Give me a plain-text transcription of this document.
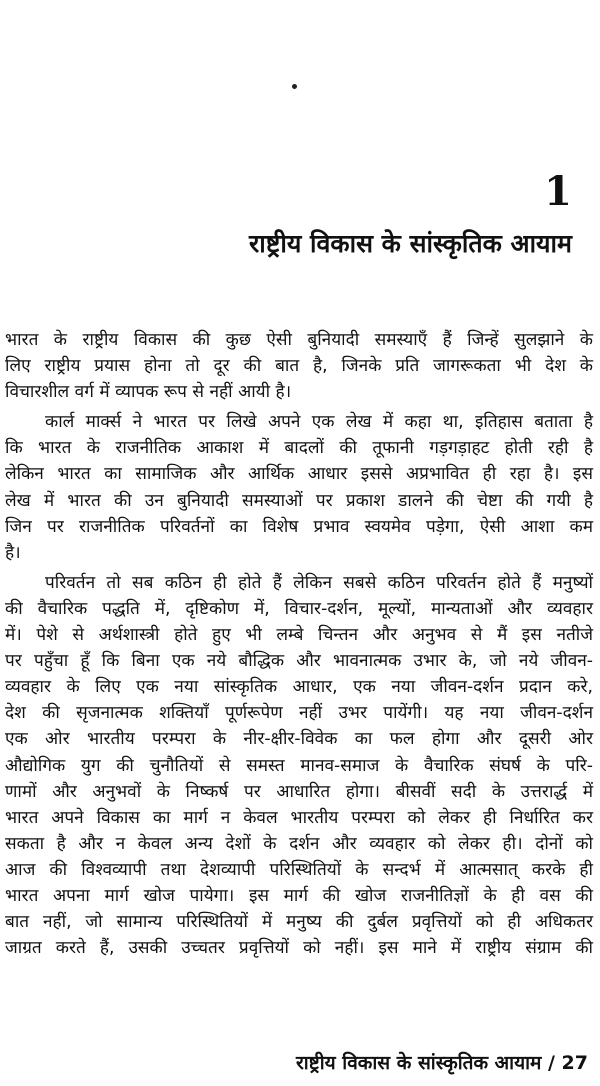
1
राष्ट्रीय विकास के सांस्कृतिक आयाम
भारत के राष्ट्रीय विकास की कुछ ऐसी बुनियादी समस्याएँ हैं जिन्हें सुलझाने के
लिए राष्ट्रीय प्रयास होना तो दूर की बात है, जिनके प्रति जागरूकता भी देश के
विचारशील वर्ग में व्यापक रूप से नहीं आयी है।
कार्ल मार्क्स ने भारत पर लिखे अपने एक लेख में कहा था, इतिहास बताता है
कि भारत के राजनीतिक आकाश में बादलों की तूफानी गड़गड़ाहट होती रही है
लेकिन भारत का सामाजिक और आर्थिक आधार इससे अप्रभावित ही रहा है। इस
लेख में भारत की उन बुनियादी समस्याओं पर प्रकाश डालने की चेष्टा की गयी है
जिन पर राजनीतिक परिवर्तनों का विशेष प्रभाव स्वयमेव पड़ेगा, ऐसी आशा कम
है।
परिवर्तन तो सब कठिन ही होते हैं लेकिन सबसे कठिन परिवर्तन होते हैं मनुष्यों
की वैचारिक पद्धति में, दृष्टिकोण में, विचार-दर्शन, मूल्यों, मान्यताओं और व्यवहार
में। पेशे से अर्थशास्त्री होते हुए भी लम्बे चिन्तन और अनुभव से मैं इस नतीजे
पर पहुँचा हूँ कि बिना एक नये बौद्धिक और भावनात्मक उभार के, जो नये जीवन-
व्यवहार के लिए एक नया सांस्कृतिक आधार, एक नया जीवन-दर्शन प्रदान करे,
देश की सृजनात्मक शक्तियाँ पूर्णरूपेण नहीं उभर पायेंगी। यह नया जीवन-दर्शन
एक ओर भारतीय परम्परा के नीर-क्षीर-विवेक का फल होगा और दूसरी ओर
औद्योगिक युग की चुनौतियों से समस्त मानव-समाज के वैचारिक संघर्ष के परि-
णामों और अनुभवों के निष्कर्ष पर आधारित होगा। बीसवीं सदी के उत्तरार्द्ध में
भारत अपने विकास का मार्ग न केवल भारतीय परम्परा को लेकर ही निर्धारित कर
सकता है और न केवल अन्य देशों के दर्शन और व्यवहार को लेकर ही। दोनों को
आज की विश्वव्यापी तथा देशव्यापी परिस्थितियों के सन्दर्भ में आत्मसात् करके ही
भारत अपना मार्ग खोज पायेगा। इस मार्ग की खोज राजनीतिज्ञों के ही वस की
बात नहीं, जो सामान्य परिस्थितियों में मनुष्य की दुर्बल प्रवृत्तियों को ही अधिकतर
जाग्रत करते हैं, उसकी उच्चतर प्रवृत्तियों को नहीं। इस माने में राष्ट्रीय संग्राम की
राष्ट्रीय विकास के सांस्कृतिक आयाम / 27
